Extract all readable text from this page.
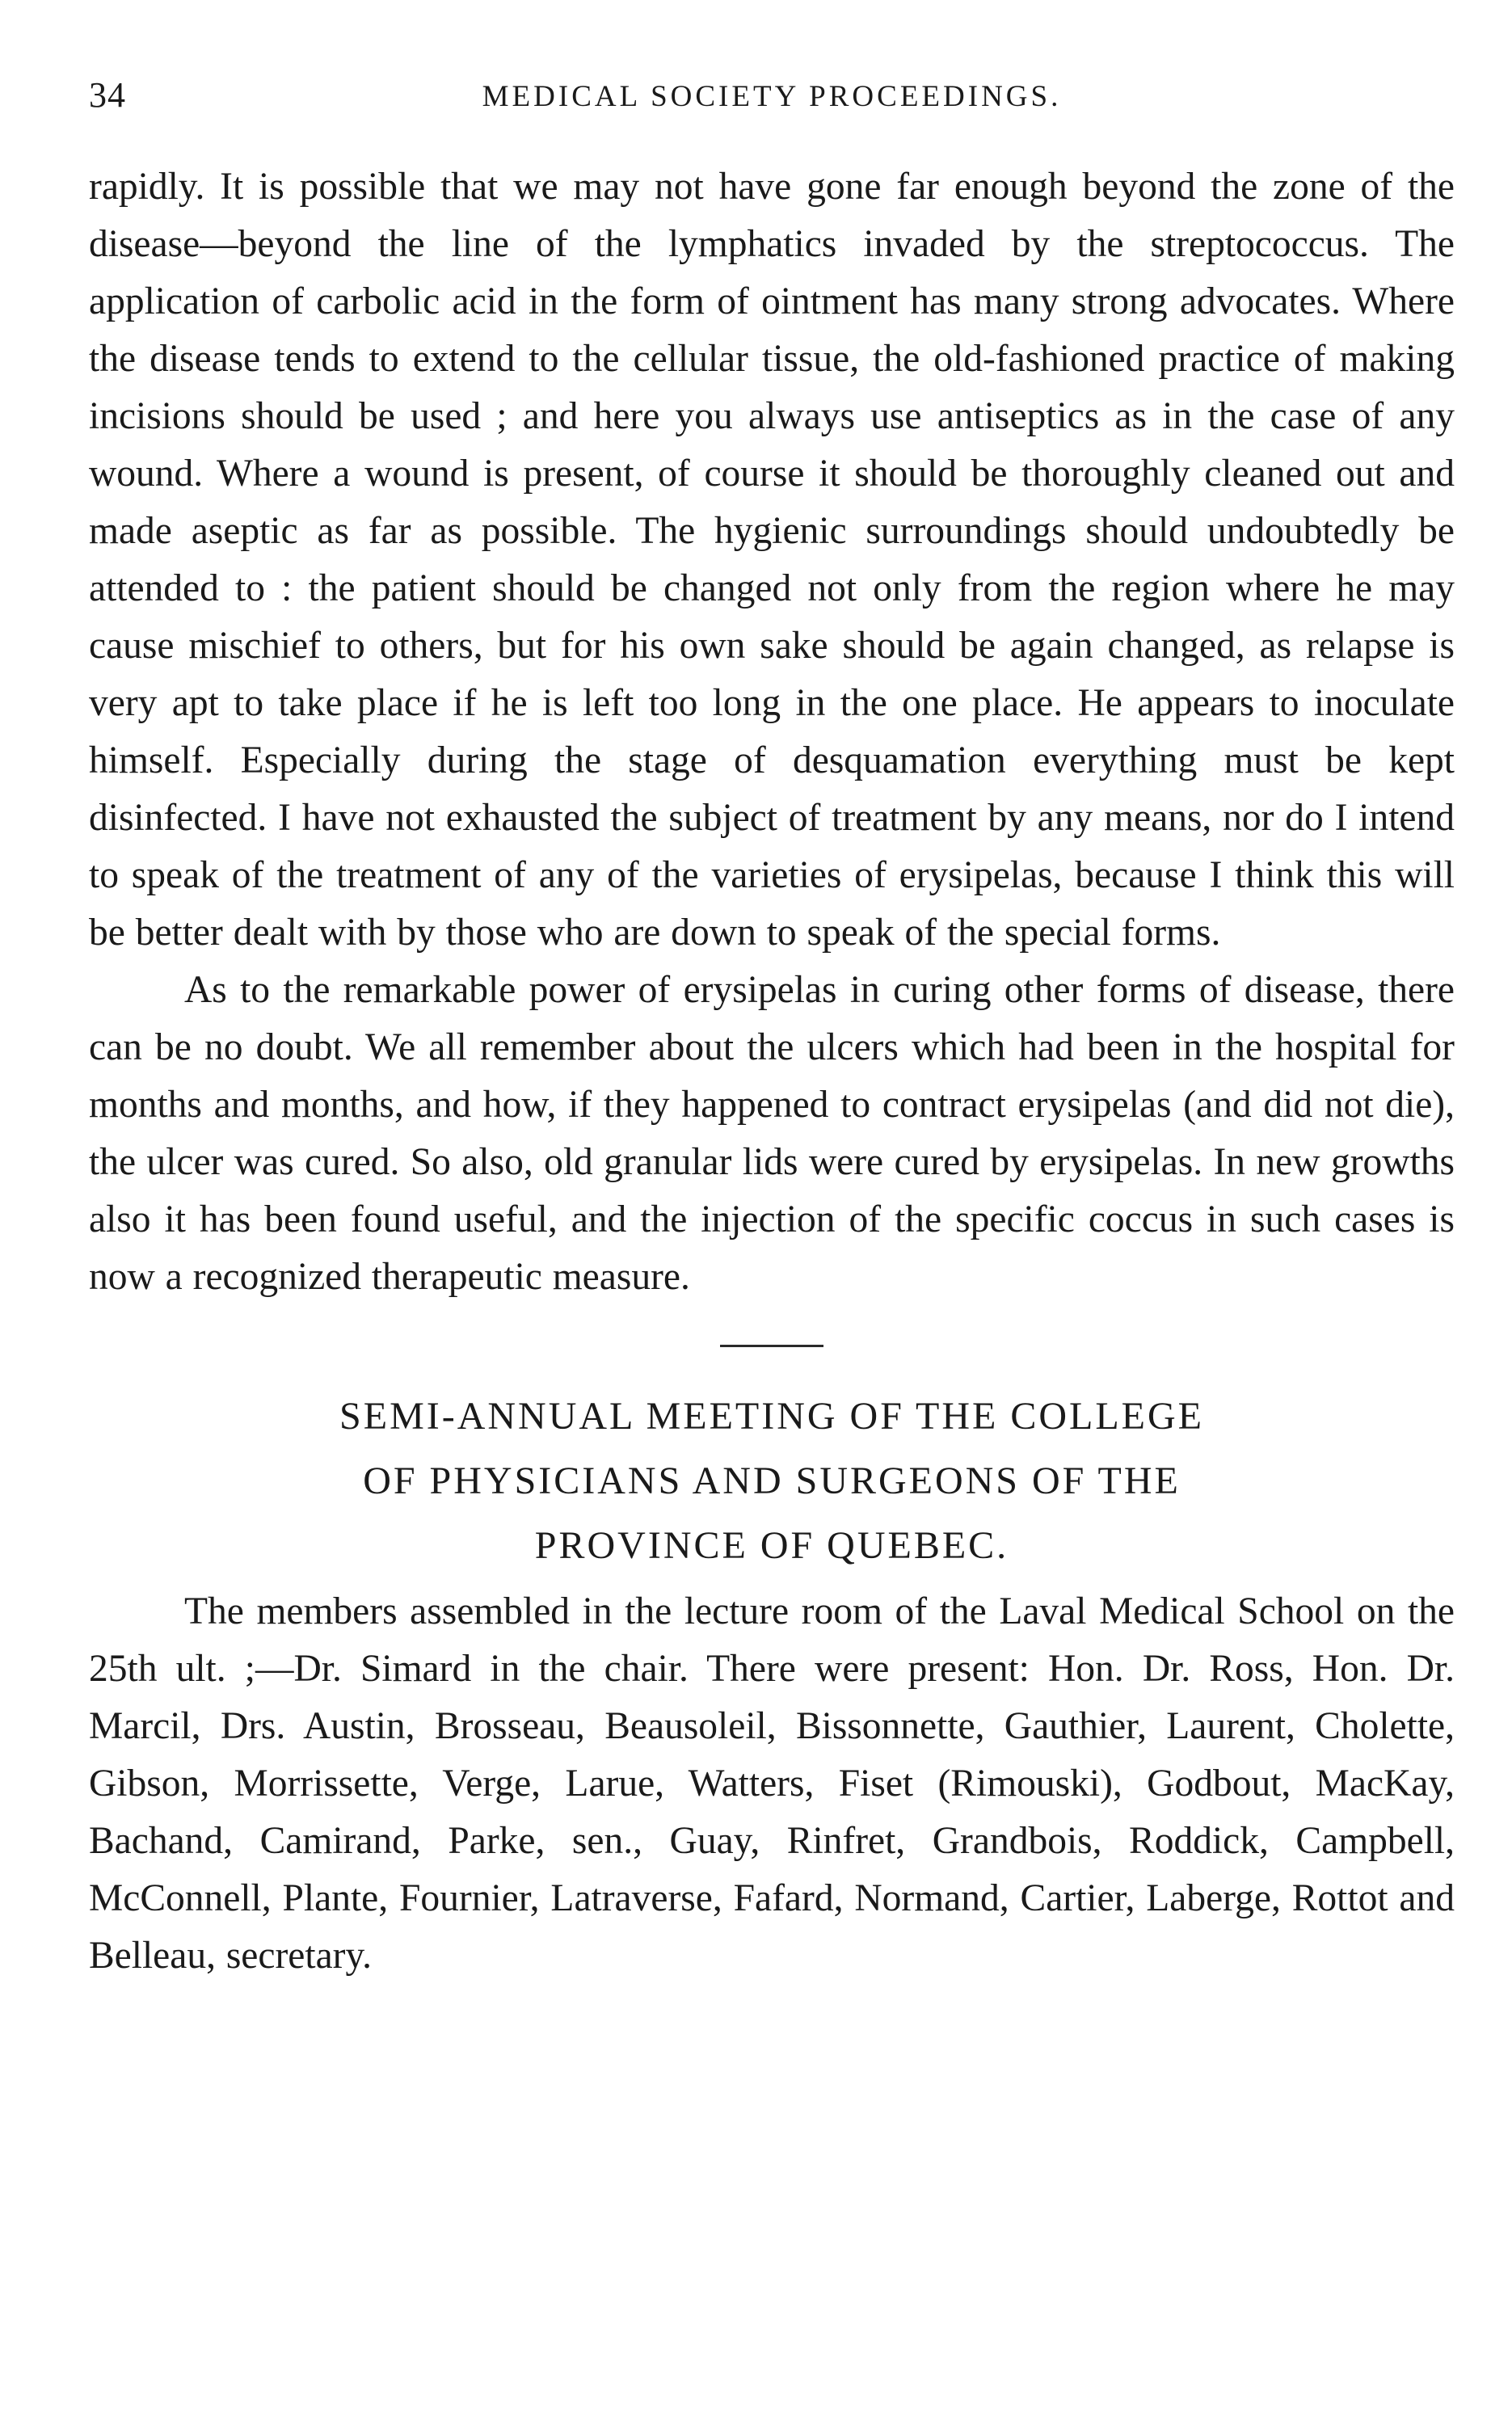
34	MEDICAL SOCIETY PROCEEDINGS.

rapidly. It is possible that we may not have gone far enough beyond the zone of the disease—beyond the line of the lymphatics invaded by the streptococcus. The application of carbolic acid in the form of ointment has many strong advocates. Where the disease tends to extend to the cellular tissue, the old-fashioned practice of making incisions should be used ; and here you always use antiseptics as in the case of any wound. Where a wound is present, of course it should be thoroughly cleaned out and made aseptic as far as possible. The hygienic surroundings should undoubtedly be attended to : the patient should be changed not only from the region where he may cause mischief to others, but for his own sake should be again changed, as relapse is very apt to take place if he is left too long in the one place. He appears to inoculate himself. Especially during the stage of desquamation everything must be kept disinfected. I have not exhausted the subject of treatment by any means, nor do I intend to speak of the treatment of any of the varieties of erysipelas, because I think this will be better dealt with by those who are down to speak of the special forms.

As to the remarkable power of erysipelas in curing other forms of disease, there can be no doubt. We all remember about the ulcers which had been in the hospital for months and months, and how, if they happened to contract erysipelas (and did not die), the ulcer was cured. So also, old granular lids were cured by erysipelas. In new growths also it has been found useful, and the injection of the specific coccus in such cases is now a recognized therapeutic measure.

SEMI-ANNUAL MEETING OF THE COLLEGE
OF PHYSICIANS AND SURGEONS OF THE
PROVINCE OF QUEBEC.

The members assembled in the lecture room of the Laval Medical School on the 25th ult. ;—Dr. Simard in the chair. There were present: Hon. Dr. Ross, Hon. Dr. Marcil, Drs. Austin, Brosseau, Beausoleil, Bissonnette, Gauthier, Laurent, Cholette, Gibson, Morrissette, Verge, Larue, Watters, Fiset (Rimouski), Godbout, MacKay, Bachand, Camirand, Parke, sen., Guay, Rinfret, Grandbois, Roddick, Campbell, McConnell, Plante, Fournier, Latraverse, Fafard, Normand, Cartier, Laberge, Rottot and Belleau, secretary.
